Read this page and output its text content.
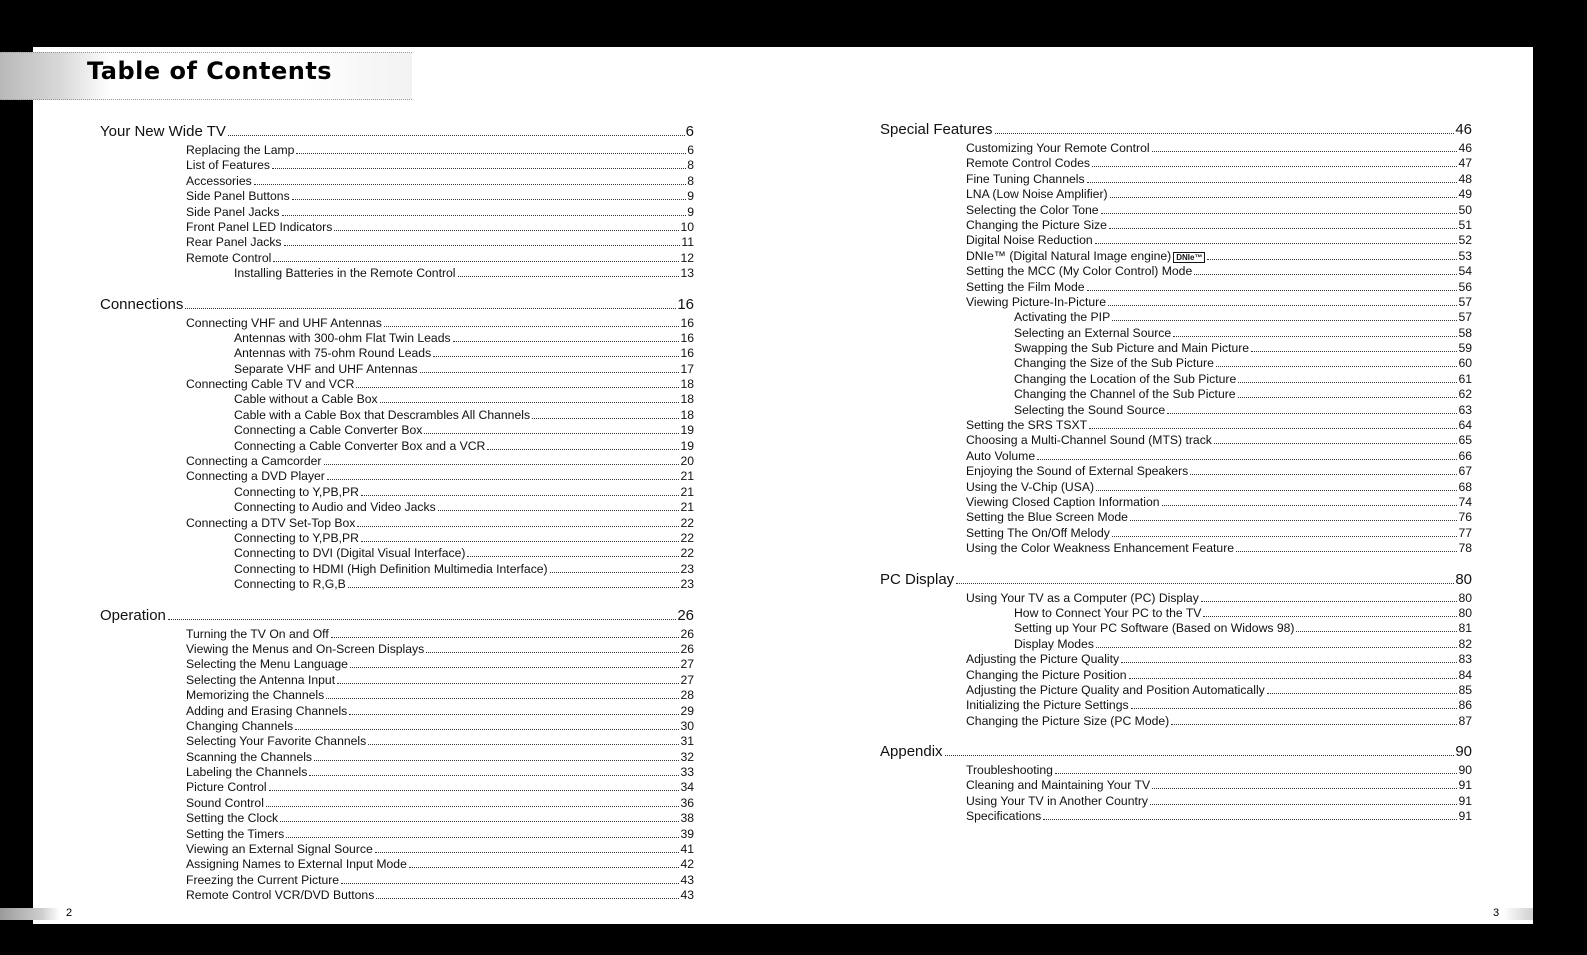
Table of Contents
Your New Wide TV	6
Replacing the Lamp	6
List of Features	8
Accessories	8
Side Panel Buttons	9
Side Panel Jacks	9
Front Panel LED Indicators	10
Rear Panel Jacks	11
Remote Control	12
Installing Batteries in the Remote Control	13
Connections	16
Connecting VHF and UHF Antennas	16
Antennas with 300-ohm Flat Twin Leads	16
Antennas with 75-ohm Round Leads	16
Separate VHF and UHF Antennas	17
Connecting Cable TV and VCR	18
Cable without a Cable Box	18
Cable with a Cable Box that Descrambles All Channels	18
Connecting a Cable Converter Box	19
Connecting a Cable Converter Box and a VCR	19
Connecting a Camcorder	20
Connecting a DVD Player	21
Connecting to Y,PB,PR	21
Connecting to Audio and Video Jacks	21
Connecting a DTV Set-Top Box	22
Connecting to Y,PB,PR	22
Connecting to DVI (Digital Visual Interface)	22
Connecting to HDMI (High Definition Multimedia Interface)	23
Connecting to R,G,B	23
Operation	26
Turning the TV On and Off	26
Viewing the Menus and On-Screen Displays	26
Selecting the Menu Language	27
Selecting the Antenna Input	27
Memorizing the Channels	28
Adding and Erasing Channels	29
Changing Channels	30
Selecting Your Favorite Channels	31
Scanning the Channels	32
Labeling the Channels	33
Picture Control	34
Sound Control	36
Setting the Clock	38
Setting the Timers	39
Viewing an External Signal Source	41
Assigning Names to External Input Mode	42
Freezing the Current Picture	43
Remote Control VCR/DVD Buttons	43
Special Features	46
Customizing Your Remote Control	46
Remote Control Codes	47
Fine Tuning Channels	48
LNA (Low Noise Amplifier)	49
Selecting the Color Tone	50
Changing the Picture Size	51
Digital Noise Reduction	52
DNIe™ (Digital Natural Image engine) DNIe™	53
Setting the MCC (My Color Control) Mode	54
Setting the Film Mode	56
Viewing Picture-In-Picture	57
Activating the PIP	57
Selecting an External Source	58
Swapping the Sub Picture and Main Picture	59
Changing the Size of the Sub Picture	60
Changing the Location of the Sub Picture	61
Changing the Channel of the Sub Picture	62
Selecting the Sound Source	63
Setting the SRS TSXT	64
Choosing a Multi-Channel Sound (MTS) track	65
Auto Volume	66
Enjoying the Sound of External Speakers	67
Using the V-Chip (USA)	68
Viewing Closed Caption Information	74
Setting the Blue Screen Mode	76
Setting The On/Off Melody	77
Using the Color Weakness Enhancement Feature	78
PC Display	80
Using Your TV as a Computer (PC) Display	80
How to Connect Your PC to the TV	80
Setting up Your PC Software (Based on Widows 98)	81
Display Modes	82
Adjusting the Picture Quality	83
Changing the Picture Position	84
Adjusting the Picture Quality and Position Automatically	85
Initializing the Picture Settings	86
Changing the Picture Size (PC Mode)	87
Appendix	90
Troubleshooting	90
Cleaning and Maintaining Your TV	91
Using Your TV in Another Country	91
Specifications	91
2	3
